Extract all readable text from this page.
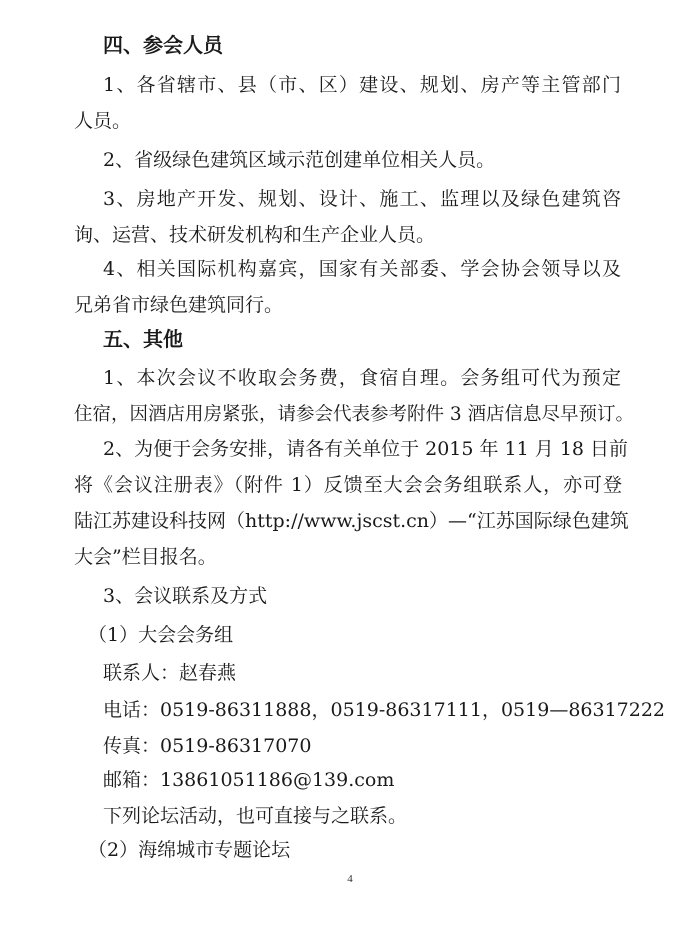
四、参会人员
1、各省辖市、县（市、区）建设、规划、房产等主管部门
人员。
2、省级绿色建筑区域示范创建单位相关人员。
3、房地产开发、规划、设计、施工、监理以及绿色建筑咨
询、运营、技术研发机构和生产企业人员。
4、相关国际机构嘉宾，国家有关部委、学会协会领导以及
兄弟省市绿色建筑同行。
五、其他
1、本次会议不收取会务费，食宿自理。会务组可代为预定
住宿，因酒店用房紧张，请参会代表参考附件 3 酒店信息尽早预订。
2、为便于会务安排，请各有关单位于 2015 年 11 月 18 日前
将《会议注册表》（附件 1）反馈至大会会务组联系人，亦可登
陆江苏建设科技网（http://www.jscst.cn）—“江苏国际绿色建筑
大会”栏目报名。
3、会议联系及方式
（1）大会会务组
联系人：赵春燕
电话：0519-86311888，0519-86317111，0519—86317222
传真：0519-86317070
邮箱：13861051186@139.com
下列论坛活动，也可直接与之联系。
（2）海绵城市专题论坛
4
